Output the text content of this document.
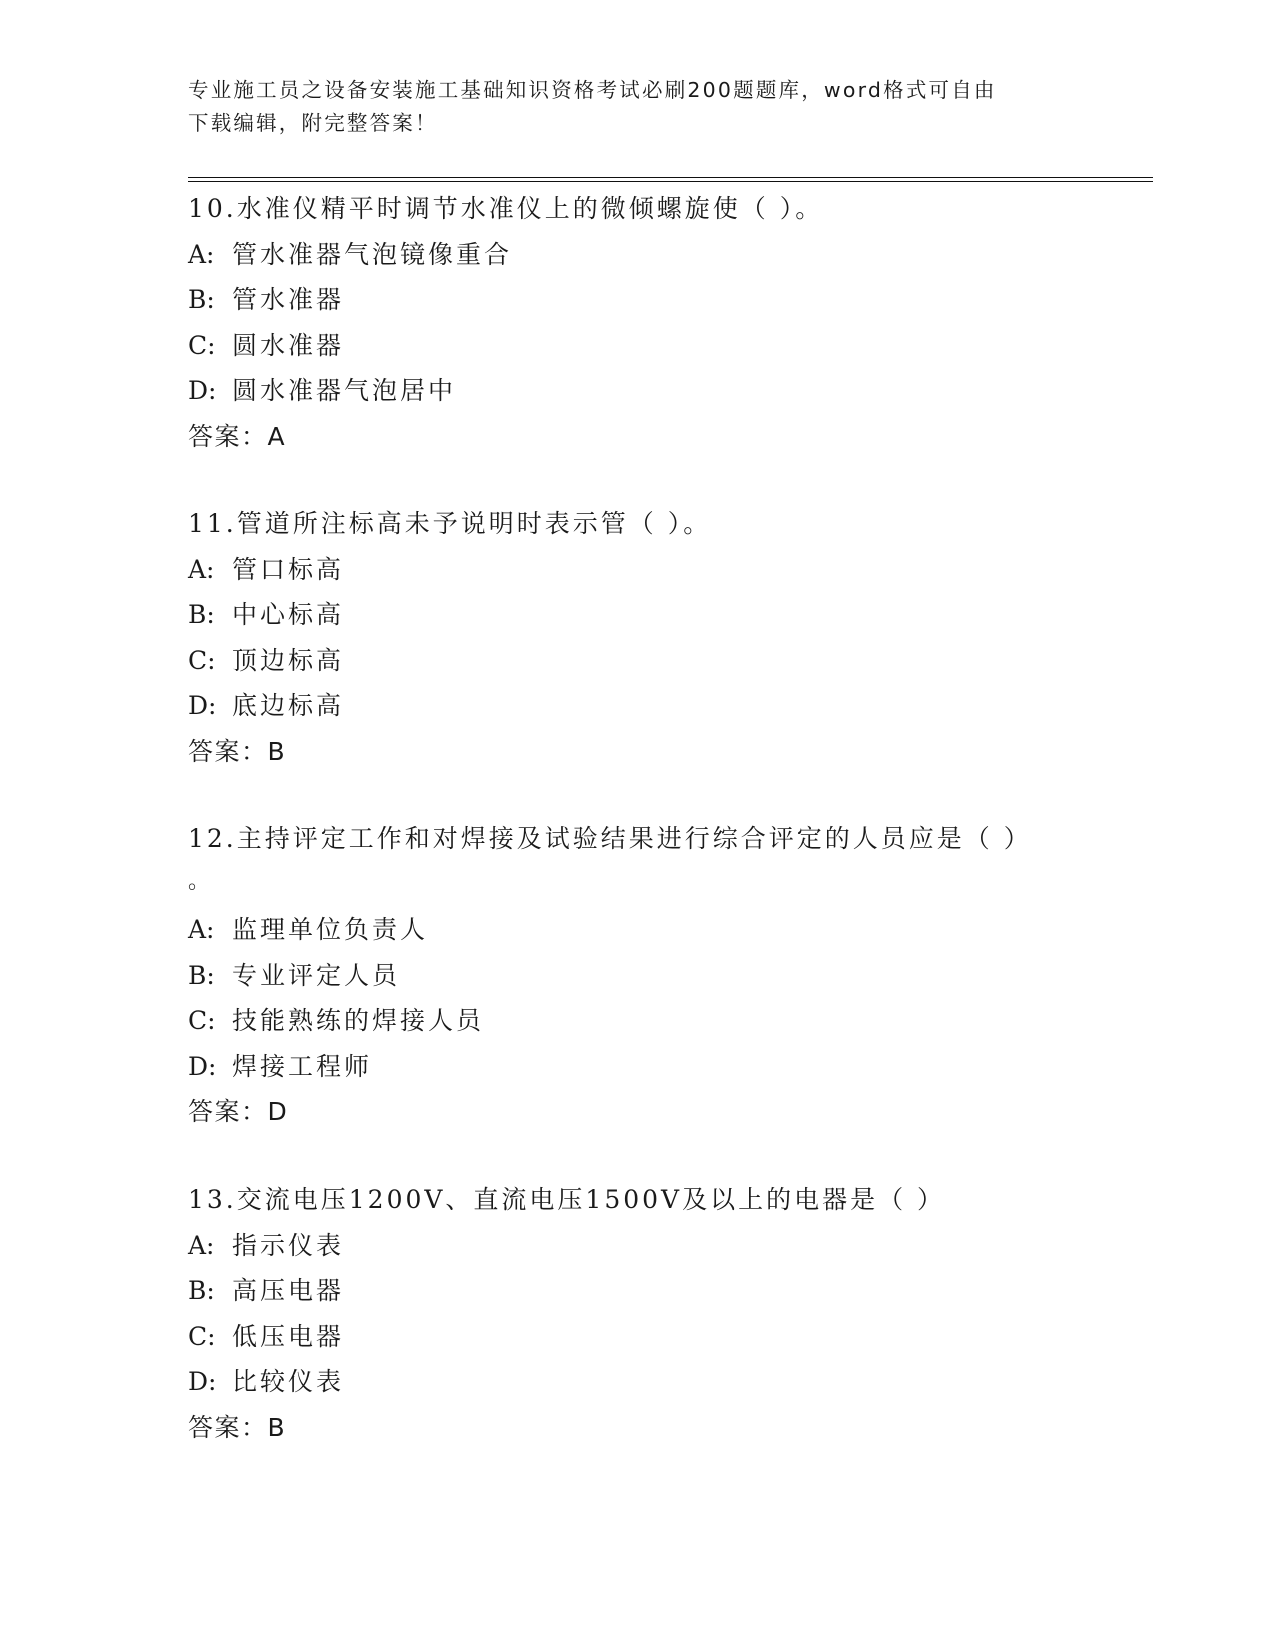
专业施工员之设备安装施工基础知识资格考试必刷200题题库，word格式可自由
下载编辑，附完整答案！
10.水准仪精平时调节水准仪上的微倾螺旋使（ ）。
A: 管水准器气泡镜像重合
B: 管水准器
C: 圆水准器
D: 圆水准器气泡居中
答案：A
11.管道所注标高未予说明时表示管（ ）。
A: 管口标高
B: 中心标高
C: 顶边标高
D: 底边标高
答案：B
12.主持评定工作和对焊接及试验结果进行综合评定的人员应是（ ）
。
A: 监理单位负责人
B: 专业评定人员
C: 技能熟练的焊接人员
D: 焊接工程师
答案：D
13.交流电压1200V、直流电压1500V及以上的电器是（ ）
A: 指示仪表
B: 高压电器
C: 低压电器
D: 比较仪表
答案：B
